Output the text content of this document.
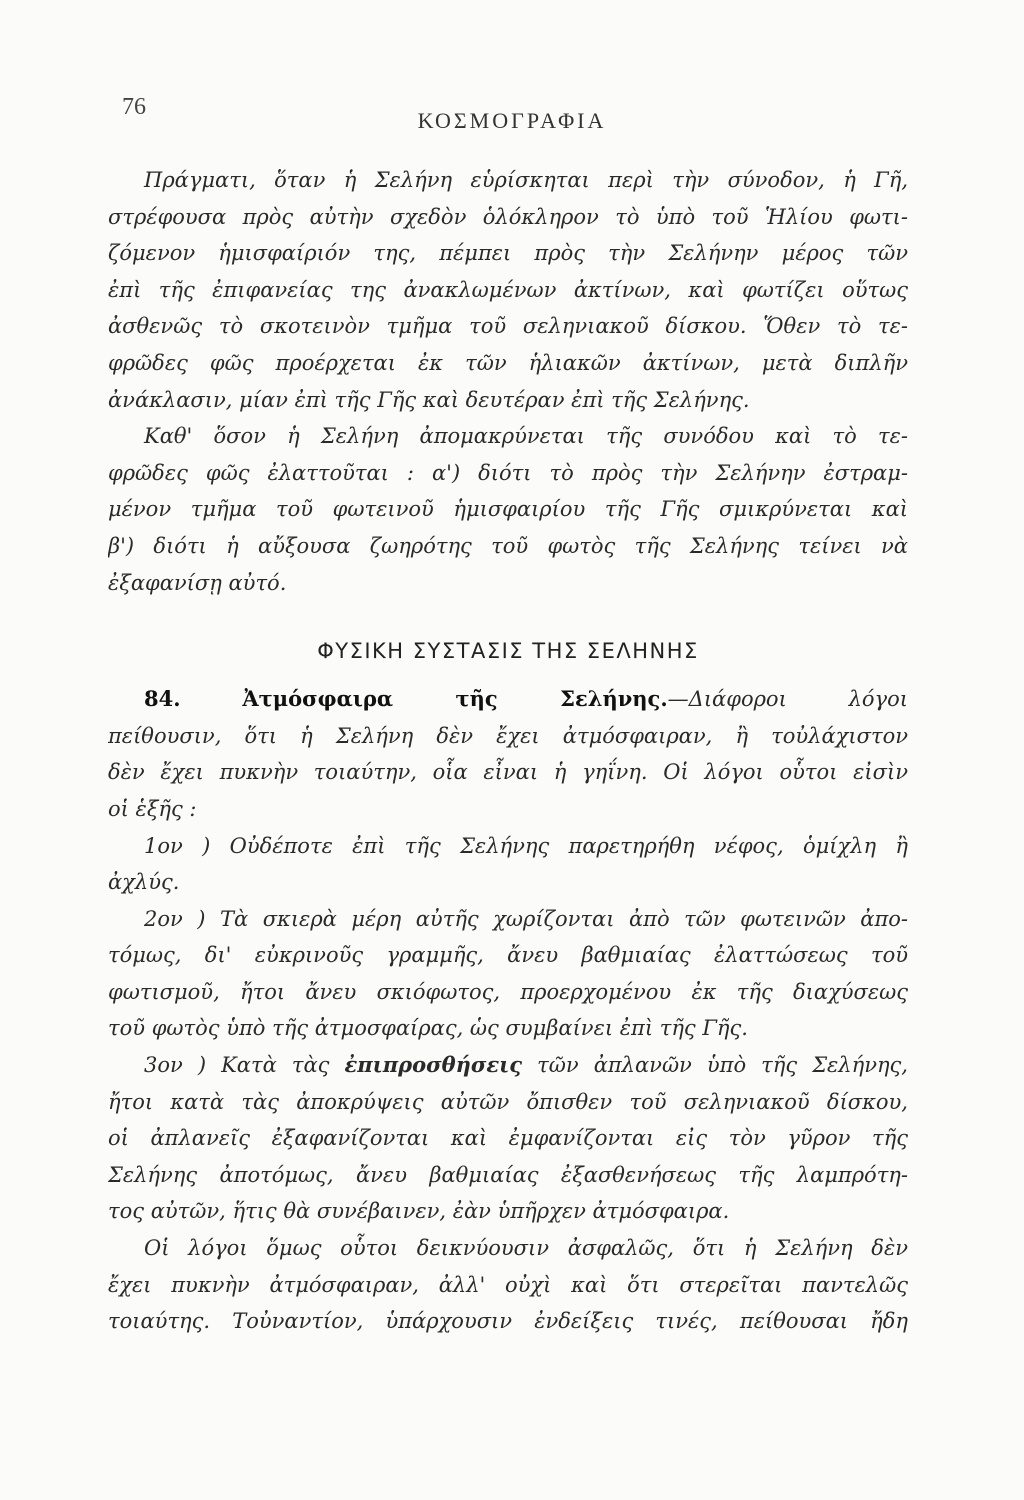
76
ΚΟΣΜΟΓΡΑΦΙΑ
Πράγματι, ὅταν ἡ Σελήνη εὑρίσκηται περὶ τὴν σύνοδον, ἡ Γῆ,
στρέφουσα πρὸς αὐτὴν σχεδὸν ὁλόκληρον τὸ ὑπὸ τοῦ Ἡλίου φωτι-
ζόμενον ἡμισφαίριόν της, πέμπει πρὸς τὴν Σελήνην μέρος τῶν
ἐπὶ τῆς ἐπιφανείας της ἀνακλωμένων ἀκτίνων, καὶ φωτίζει οὕτως
ἀσθενῶς τὸ σκοτεινὸν τμῆμα τοῦ σεληνιακοῦ δίσκου. Ὅθεν τὸ τε-
φρῶδες φῶς προέρχεται ἐκ τῶν ἡλιακῶν ἀκτίνων, μετὰ διπλῆν
ἀνάκλασιν, μίαν ἐπὶ τῆς Γῆς καὶ δευτέραν ἐπὶ τῆς Σελήνης.
Καθ' ὅσον ἡ Σελήνη ἀπομακρύνεται τῆς συνόδου καὶ τὸ τε-
φρῶδες φῶς ἐλαττοῦται : α') διότι τὸ πρὸς τὴν Σελήνην ἐστραμ-
μένον τμῆμα τοῦ φωτεινοῦ ἡμισφαιρίου τῆς Γῆς σμικρύνεται καὶ
β') διότι ἡ αὔξουσα ζωηρότης τοῦ φωτὸς τῆς Σελήνης τείνει νὰ
ἐξαφανίσῃ αὐτό.
ΦΥΣΙΚΗ ΣΥΣΤΑΣΙΣ ΤΗΣ ΣΕΛΗΝΗΣ
84.	Ἀτμόσφαιρα τῆς Σελήνης.—Διάφοροι λόγοι
πείθουσιν, ὅτι ἡ Σελήνη δὲν ἔχει ἀτμόσφαιραν, ἢ τοὐλάχιστον
δὲν ἔχει πυκνὴν τοιαύτην, οἷα εἶναι ἡ γηΐνη. Οἱ λόγοι οὗτοι εἰσὶν
οἱ ἑξῆς :
1ον ) Οὐδέποτε ἐπὶ τῆς Σελήνης παρετηρήθη νέφος, ὁμίχλη ἢ
ἀχλύς.
2ον ) Τὰ σκιερὰ μέρη αὐτῆς χωρίζονται ἀπὸ τῶν φωτεινῶν ἀπο-
τόμως, δι' εὐκρινοῦς γραμμῆς, ἄνευ βαθμιαίας ἐλαττώσεως τοῦ
φωτισμοῦ, ἤτοι ἄνευ σκιόφωτος, προερχομένου ἐκ τῆς διαχύσεως
τοῦ φωτὸς ὑπὸ τῆς ἀτμοσφαίρας, ὡς συμβαίνει ἐπὶ τῆς Γῆς.
3ον ) Κατὰ τὰς ἐπιπροσθήσεις τῶν ἀπλανῶν ὑπὸ τῆς Σελήνης,
ἤτοι κατὰ τὰς ἀποκρύψεις αὐτῶν ὄπισθεν τοῦ σεληνιακοῦ δίσκου,
οἱ ἀπλανεῖς ἐξαφανίζονται καὶ ἐμφανίζονται εἰς τὸν γῦρον τῆς
Σελήνης ἀποτόμως, ἄνευ βαθμιαίας ἐξασθενήσεως τῆς λαμπρότη-
τος αὐτῶν, ἥτις θὰ συνέβαινεν, ἐὰν ὑπῆρχεν ἀτμόσφαιρα.
Οἱ λόγοι ὅμως οὗτοι δεικνύουσιν ἀσφαλῶς, ὅτι ἡ Σελήνη δὲν
ἔχει πυκνὴν ἀτμόσφαιραν, ἀλλ' οὐχὶ καὶ ὅτι στερεῖται παντελῶς
τοιαύτης. Τοὐναντίον, ὑπάρχουσιν ἐνδείξεις τινές, πείθουσαι ἤδη
